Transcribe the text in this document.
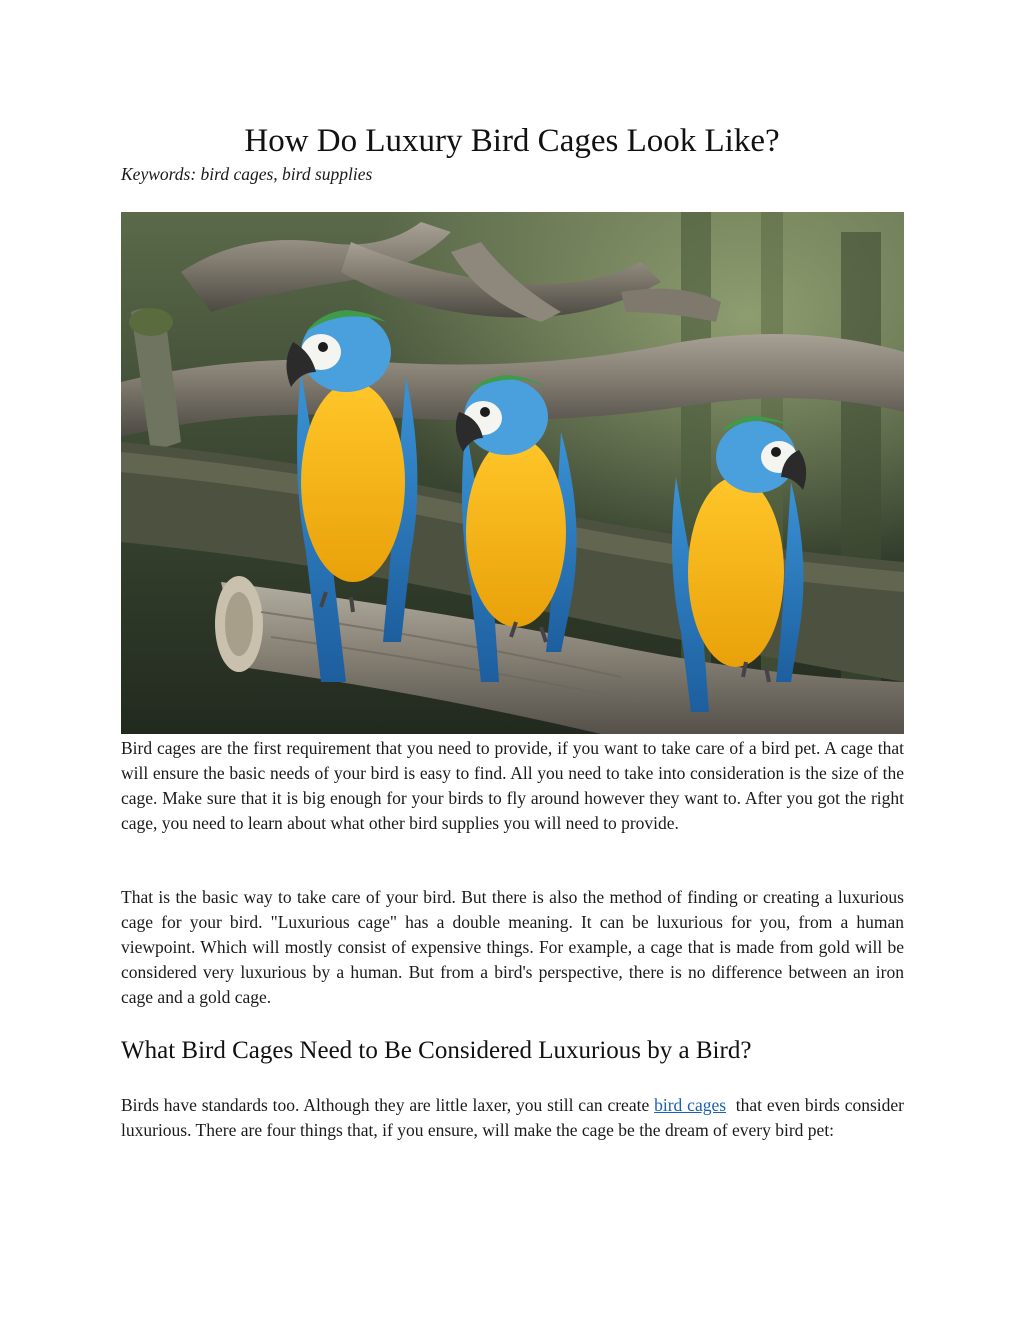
How Do Luxury Bird Cages Look Like?

Keywords: bird cages, bird supplies

Bird cages are the first requirement that you need to provide, if you want to take care of a bird pet. A cage that will ensure the basic needs of your bird is easy to find. All you need to take into consideration is the size of the cage. Make sure that it is big enough for your birds to fly around however they want to. After you got the right cage, you need to learn about what other bird supplies you will need to provide.

That is the basic way to take care of your bird. But there is also the method of finding or creating a luxurious cage for your bird. "Luxurious cage" has a double meaning. It can be luxurious for you, from a human viewpoint. Which will mostly consist of expensive things. For example, a cage that is made from gold will be considered very luxurious by a human. But from a bird's perspective, there is no difference between an iron cage and a gold cage.

What Bird Cages Need to Be Considered Luxurious by a Bird?

Birds have standards too. Although they are little laxer, you still can create bird cages  that even birds consider luxurious. There are four things that, if you ensure, will make the cage be the dream of every bird pet:
